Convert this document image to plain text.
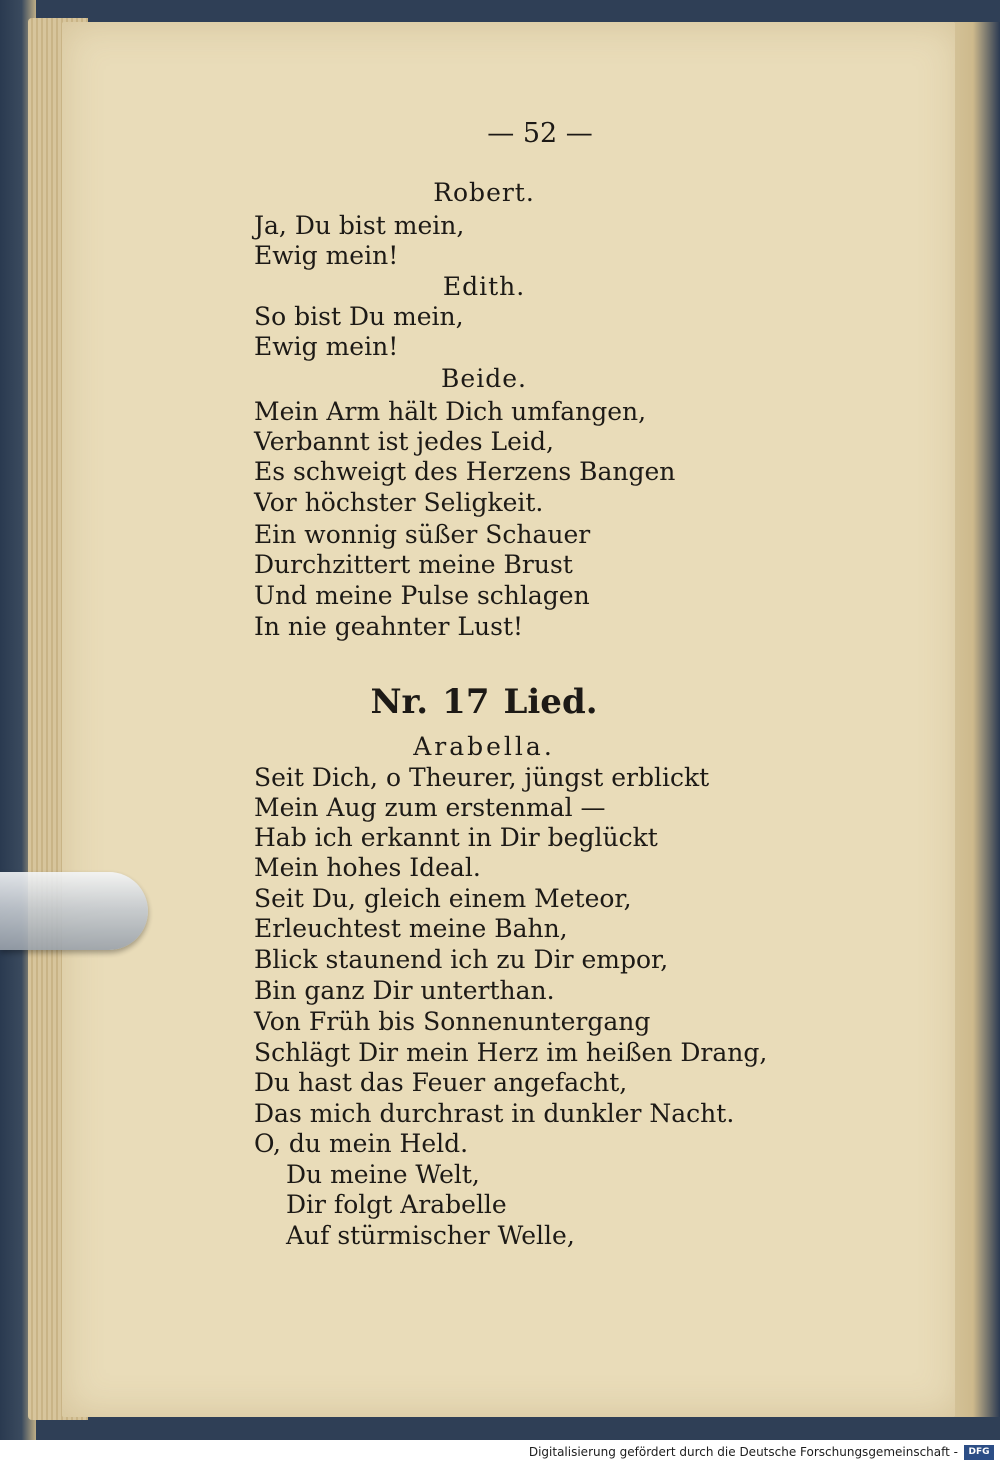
— 52 —
Robert.
Ja, Du bist mein,
Ewig mein!
Edith.
So bist Du mein,
Ewig mein!
Beide.
Mein Arm hält Dich umfangen,
Verbannt ist jedes Leid,
Es schweigt des Herzens Bangen
Vor höchster Seligkeit.
Ein wonnig süßer Schauer
Durchzittert meine Brust
Und meine Pulse schlagen
In nie geahnter Lust!
Nr. 17 Lied.
Arabella.
Seit Dich, o Theurer, jüngst erblickt
Mein Aug zum erstenmal —
Hab ich erkannt in Dir beglückt
Mein hohes Ideal.
Seit Du, gleich einem Meteor,
Erleuchtest meine Bahn,
Blick staunend ich zu Dir empor,
Bin ganz Dir unterthan.
Von Früh bis Sonnenuntergang
Schlägt Dir mein Herz im heißen Drang,
Du hast das Feuer angefacht,
Das mich durchrast in dunkler Nacht.
O, du mein Held.
Du meine Welt,
Dir folgt Arabelle
Auf stürmischer Welle,
Digitalisierung gefördert durch die Deutsche Forschungsgemeinschaft -	DFG
